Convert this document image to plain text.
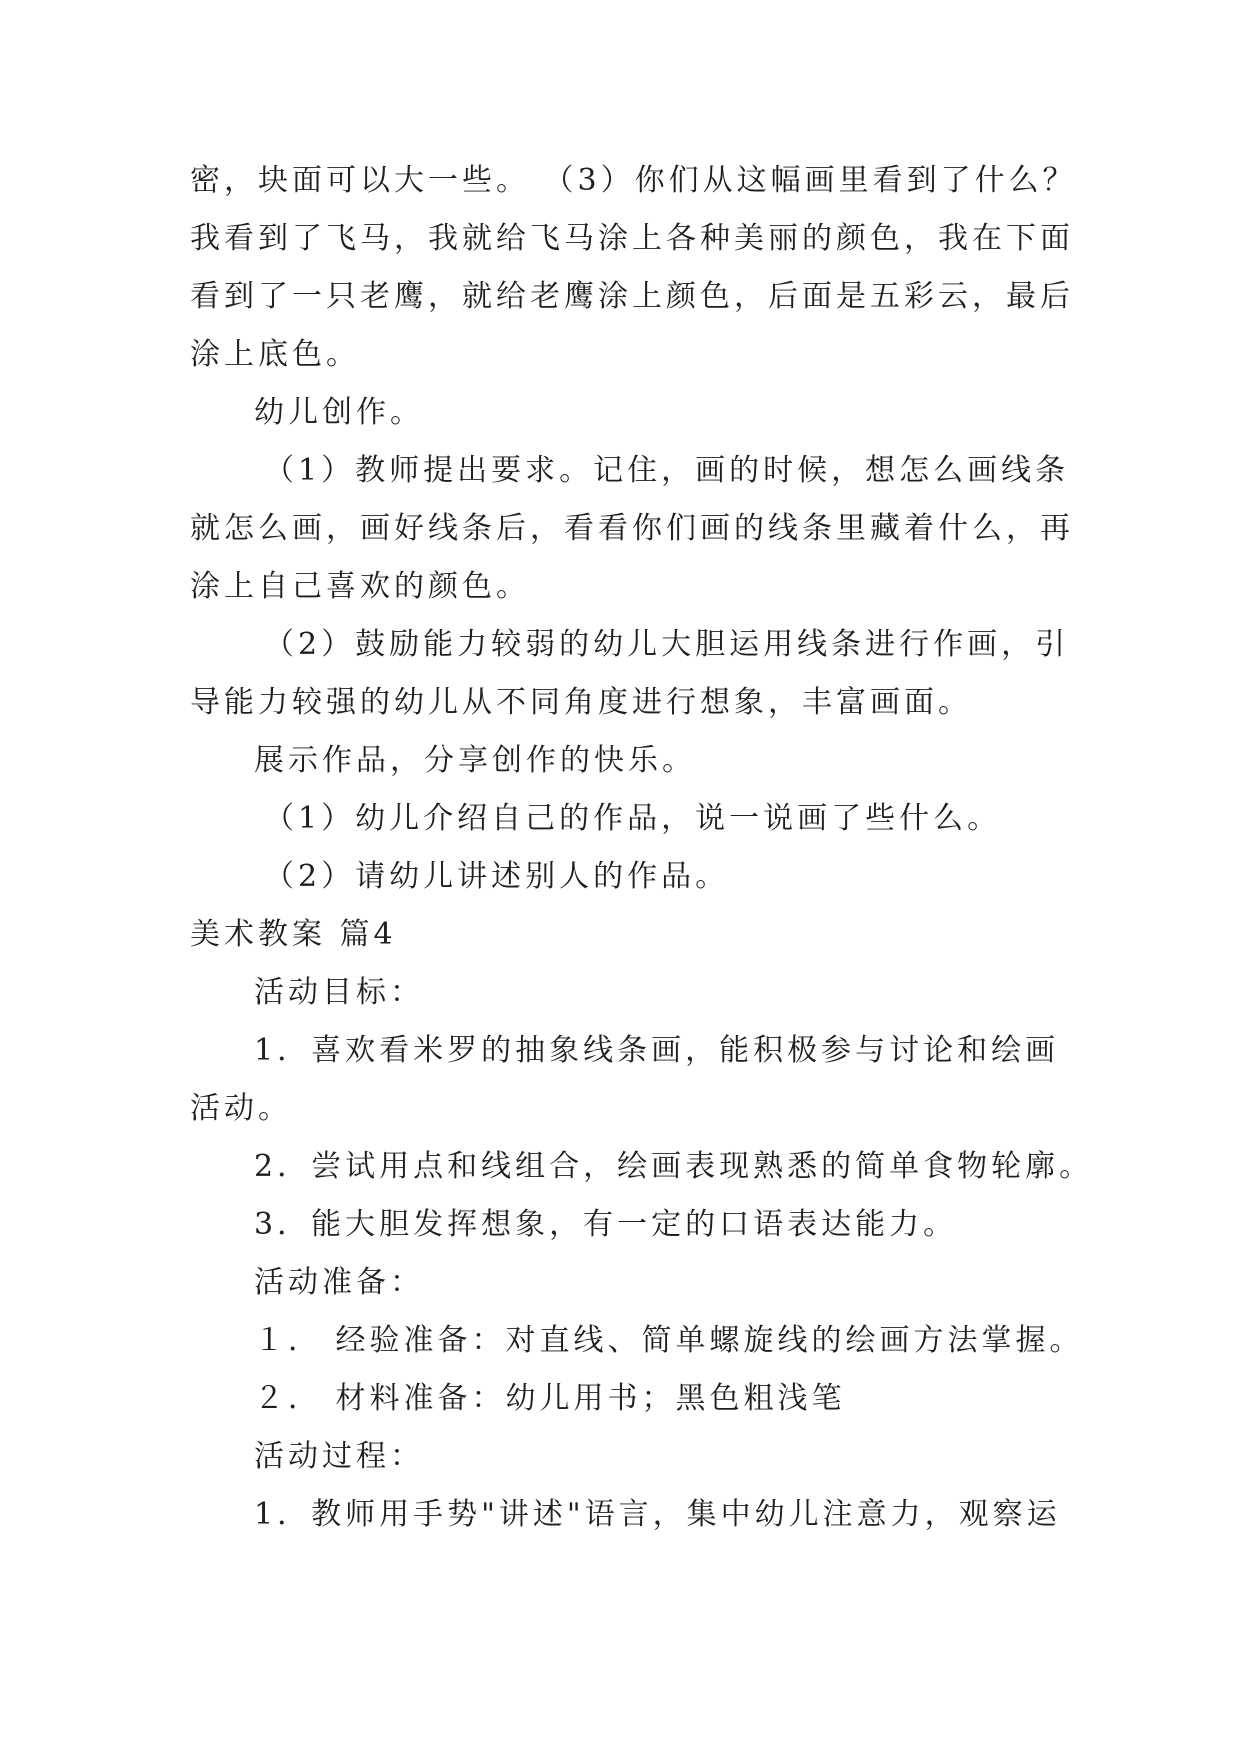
密，块面可以大一些。 （3）你们从这幅画里看到了什么？
我看到了飞马，我就给飞马涂上各种美丽的颜色，我在下面
看到了一只老鹰，就给老鹰涂上颜色，后面是五彩云，最后
涂上底色。
幼儿创作。
（1）教师提出要求。记住，画的时候，想怎么画线条
就怎么画，画好线条后，看看你们画的线条里藏着什么，再
涂上自己喜欢的颜色。
（2）鼓励能力较弱的幼儿大胆运用线条进行作画，引
导能力较强的幼儿从不同角度进行想象，丰富画面。
展示作品，分享创作的快乐。
（1）幼儿介绍自己的作品，说一说画了些什么。
（2）请幼儿讲述别人的作品。
美术教案 篇4
活动目标：
1．喜欢看米罗的抽象线条画，能积极参与讨论和绘画
活动。
2．尝试用点和线组合，绘画表现熟悉的简单食物轮廓。
3．能大胆发挥想象，有一定的口语表达能力。
活动准备：
１． 经验准备：对直线、简单螺旋线的绘画方法掌握。
２． 材料准备：幼儿用书；黑色粗浅笔
活动过程：
1．教师用手势"讲述"语言，集中幼儿注意力，观察运
